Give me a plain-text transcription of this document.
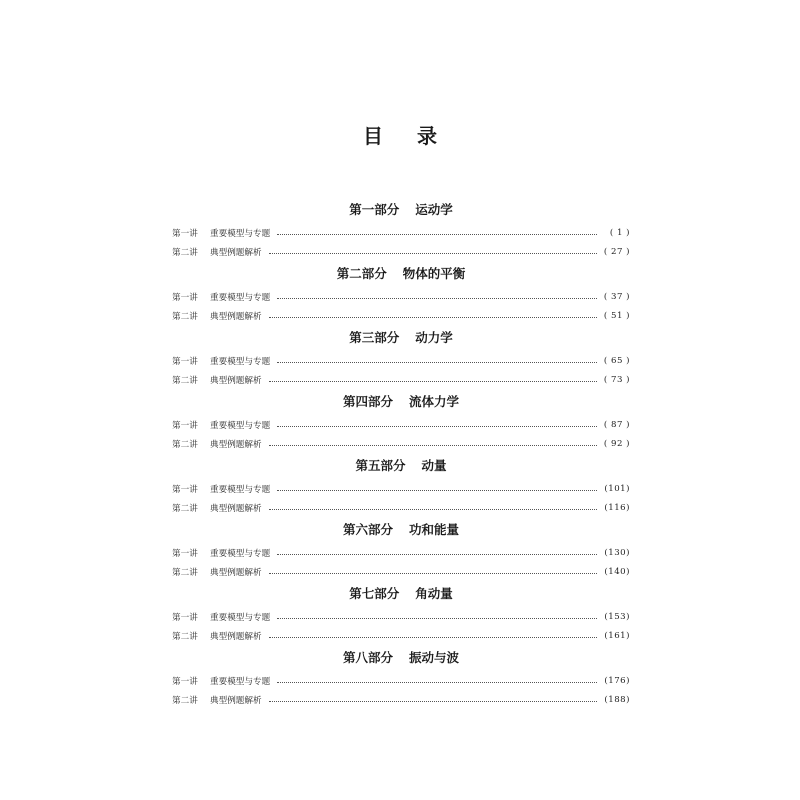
目 录
第一部分 运动学
第一讲	重要模型与专题	( 1 )
第二讲	典型例题解析	( 27 )
第二部分 物体的平衡
第一讲	重要模型与专题	( 37 )
第二讲	典型例题解析	( 51 )
第三部分 动力学
第一讲	重要模型与专题	( 65 )
第二讲	典型例题解析	( 73 )
第四部分 流体力学
第一讲	重要模型与专题	( 87 )
第二讲	典型例题解析	( 92 )
第五部分 动量
第一讲	重要模型与专题	(101)
第二讲	典型例题解析	(116)
第六部分 功和能量
第一讲	重要模型与专题	(130)
第二讲	典型例题解析	(140)
第七部分 角动量
第一讲	重要模型与专题	(153)
第二讲	典型例题解析	(161)
第八部分 振动与波
第一讲	重要模型与专题	(176)
第二讲	典型例题解析	(188)
